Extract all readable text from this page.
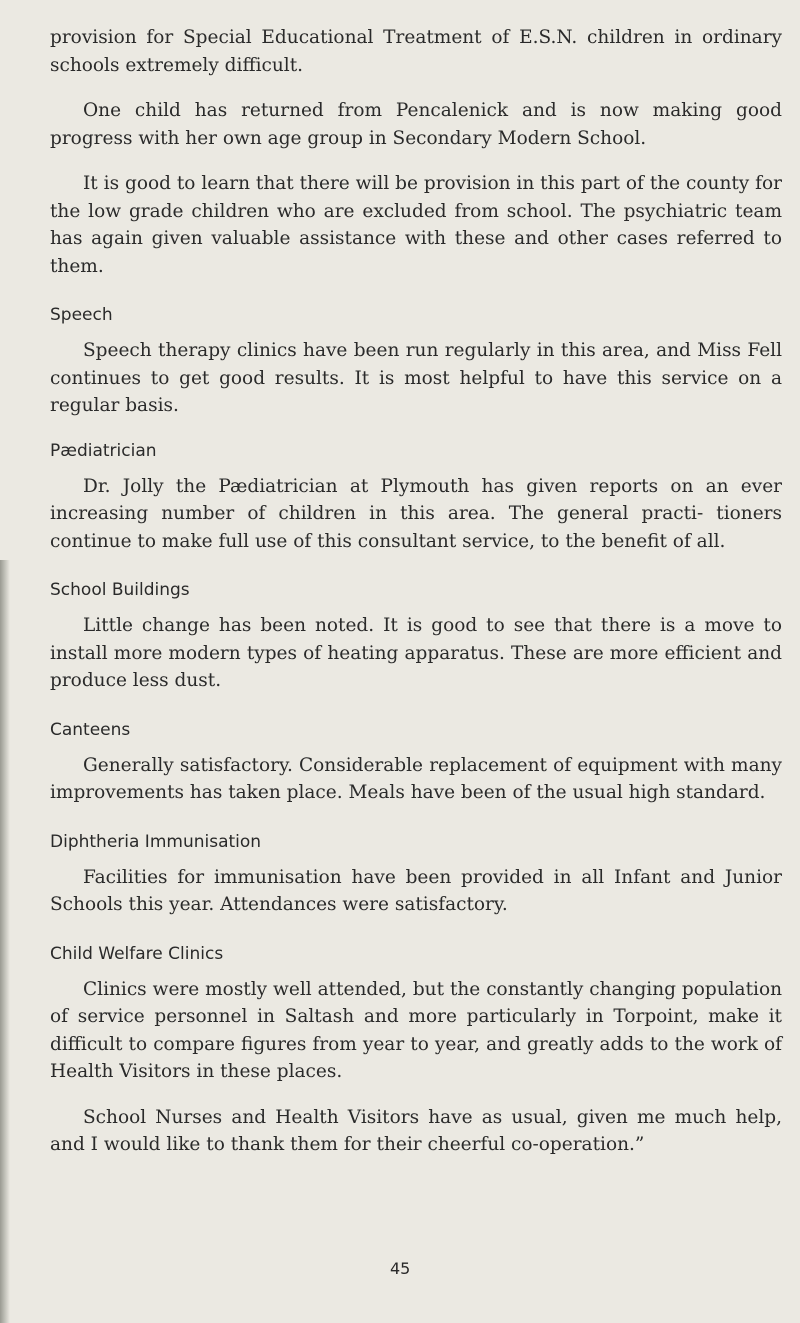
provision for Special Educational Treatment of E.S.N. children in ordinary schools extremely difficult.

One child has returned from Pencalenick and is now making good progress with her own age group in Secondary Modern School.

It is good to learn that there will be provision in this part of the county for the low grade children who are excluded from school. The psychiatric team has again given valuable assistance with these and other cases referred to them.

Speech

Speech therapy clinics have been run regularly in this area, and Miss Fell continues to get good results. It is most helpful to have this service on a regular basis.

Pædiatrician

Dr. Jolly the Pædiatrician at Plymouth has given reports on an ever increasing number of children in this area. The general practi- tioners continue to make full use of this consultant service, to the benefit of all.

School Buildings

Little change has been noted. It is good to see that there is a move to install more modern types of heating apparatus. These are more efficient and produce less dust.

Canteens

Generally satisfactory. Considerable replacement of equipment with many improvements has taken place. Meals have been of the usual high standard.

Diphtheria Immunisation

Facilities for immunisation have been provided in all Infant and Junior Schools this year. Attendances were satisfactory.

Child Welfare Clinics

Clinics were mostly well attended, but the constantly changing population of service personnel in Saltash and more particularly in Torpoint, make it difficult to compare figures from year to year, and greatly adds to the work of Health Visitors in these places.

School Nurses and Health Visitors have as usual, given me much help, and I would like to thank them for their cheerful co-operation.”

45
